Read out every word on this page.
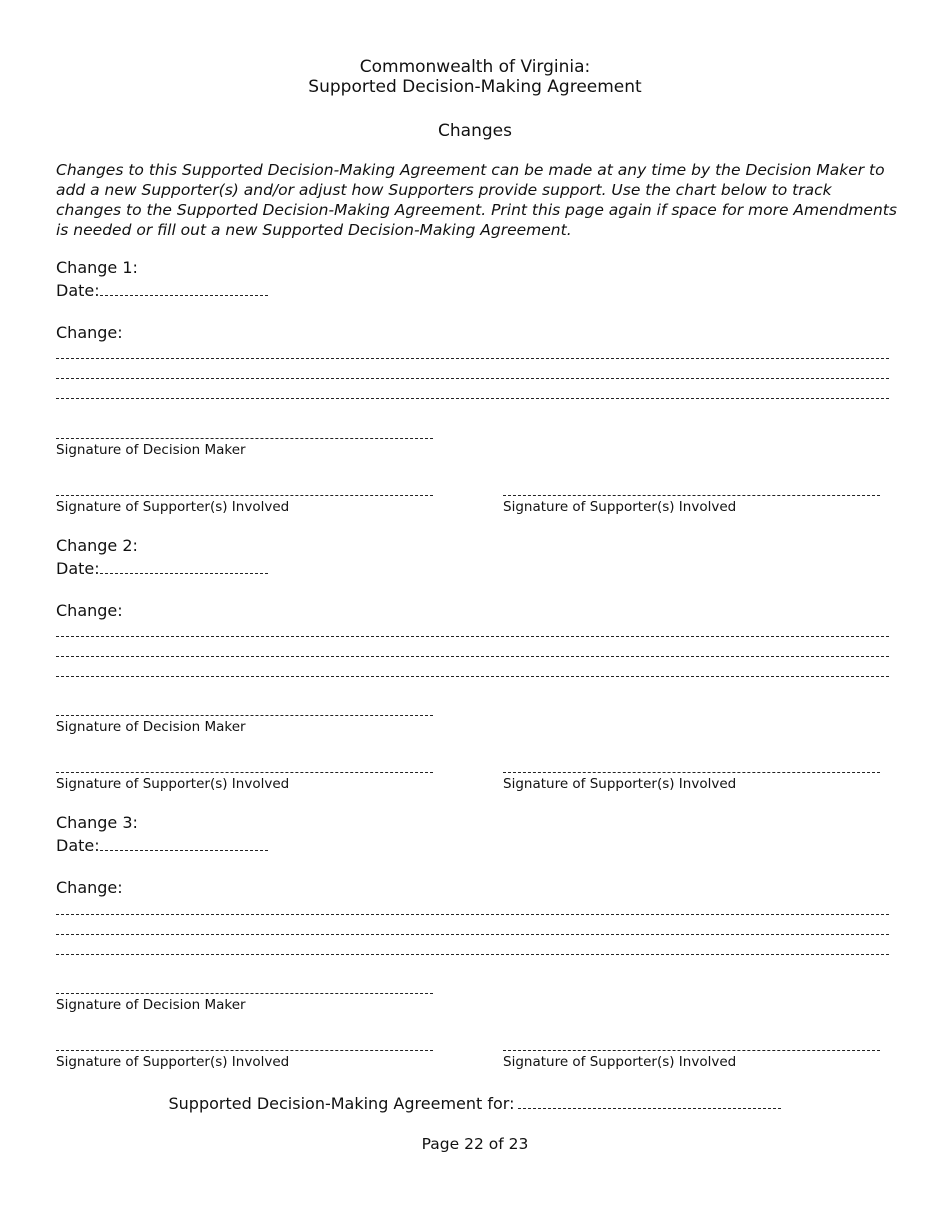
Commonwealth of Virginia:
Supported Decision-Making Agreement
Changes
Changes to this Supported Decision-Making Agreement can be made at any time by the Decision Maker to add a new Supporter(s) and/or adjust how Supporters provide support. Use the chart below to track changes to the Supported Decision-Making Agreement. Print this page again if space for more Amendments is needed or fill out a new Supported Decision-Making Agreement.
Change 1:
Date:
Change:
Signature of Decision Maker
Signature of Supporter(s) Involved	Signature of Supporter(s) Involved
Change 2:
Date:
Change:
Signature of Decision Maker
Signature of Supporter(s) Involved	Signature of Supporter(s) Involved
Change 3:
Date:
Change:
Signature of Decision Maker
Signature of Supporter(s) Involved	Signature of Supporter(s) Involved
Supported Decision-Making Agreement for:
Page 22 of 23
